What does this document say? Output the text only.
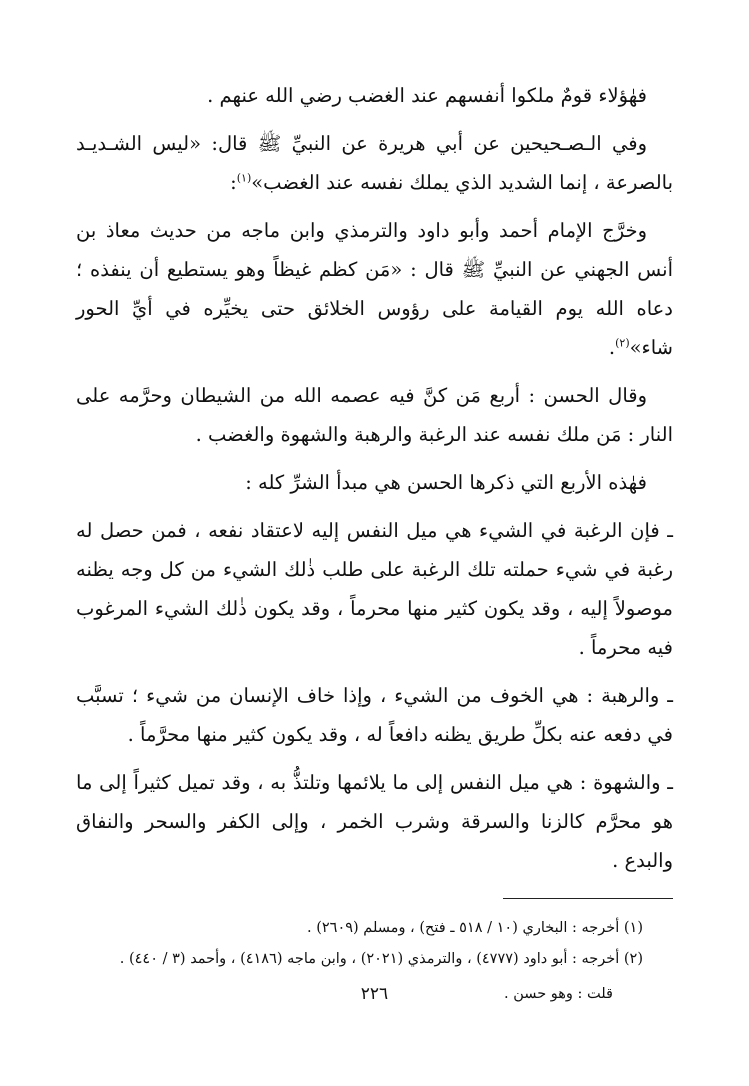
فهٰؤلاء قومٌ ملكوا أنفسهم عند الغضب رضي الله عنهم .

وفي الـصـحيحين عن أبي هريرة عن النبيِّ ﷺ قال: «ليس الشـديـد بالصرعة ، إنما الشديد الذي يملك نفسه عند الغضب»$^{(١)}$:

وخرَّج الإمام أحمد وأبو داود والترمذي وابن ماجه من حديث معاذ بن أنس الجهني عن النبيِّ ﷺ قال : «مَن كظم غيظاً وهو يستطيع أن ينفذه ؛ دعاه الله يوم القيامة على رؤوس الخلائق حتى يخيِّره في أيِّ الحور شاء»$^{(٢)}$.

وقال الحسن : أربع مَن كنَّ فيه عصمه الله من الشيطان وحرَّمه على النار : مَن ملك نفسه عند الرغبة والرهبة والشهوة والغضب .

فهٰذه الأربع التي ذكرها الحسن هي مبدأ الشرِّ كله :

ـ فإن الرغبة في الشيء هي ميل النفس إليه لاعتقاد نفعه ، فمن حصل له رغبة في شيء حملته تلك الرغبة على طلب ذٰلك الشيء من كل وجه يظنه موصولاً إليه ، وقد يكون كثير منها محرماً ، وقد يكون ذٰلك الشيء المرغوب فيه محرماً .

ـ والرهبة : هي الخوف من الشيء ، وإذا خاف الإنسان من شيء ؛ تسبَّب في دفعه عنه بكلِّ طريق يظنه دافعاً له ، وقد يكون كثير منها محرَّماً .

ـ والشهوة : هي ميل النفس إلى ما يلائمها وتلتذُّ به ، وقد تميل كثيراً إلى ما هو محرَّم كالزنا والسرقة وشرب الخمر ، وإلى الكفر والسحر والنفاق والبدع .

(١) أخرجه : البخاري (١٠ / ٥١٨ ـ فتح) ، ومسلم (٢٦٠٩) .

(٢) أخرجه : أبو داود (٤٧٧٧) ، والترمذي (٢٠٢١) ، وابن ماجه (٤١٨٦) ، وأحمد (٣ / ٤٤٠) .

قلت : وهو حسن .

٢٢٦
